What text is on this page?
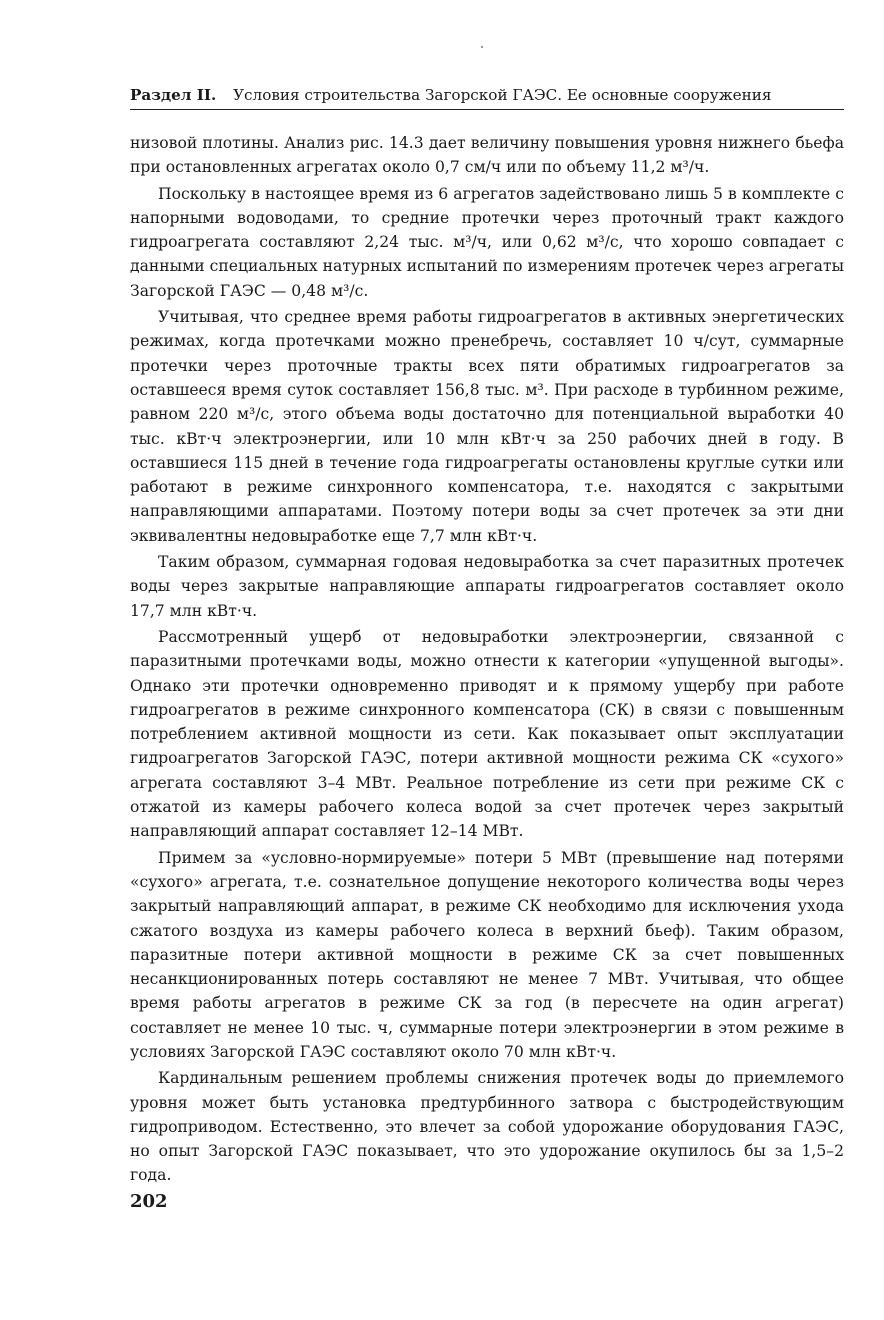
Раздел II. Условия строительства Загорской ГАЭС. Ее основные сооружения

низовой плотины. Анализ рис. 14.3 дает величину повышения уровня нижнего бьефа при остановленных агрегатах около 0,7 см/ч или по объему 11,2 м³/ч.

Поскольку в настоящее время из 6 агрегатов задействовано лишь 5 в комплекте с напорными водоводами, то средние протечки через проточный тракт каждого гидроагрегата составляют 2,24 тыс. м³/ч, или 0,62 м³/с, что хорошо совпадает с данными специальных натурных испытаний по измерениям протечек через агрегаты Загорской ГАЭС — 0,48 м³/с.

Учитывая, что среднее время работы гидроагрегатов в активных энергетических режимах, когда протечками можно пренебречь, составляет 10 ч/сут, суммарные протечки через проточные тракты всех пяти обратимых гидроагрегатов за оставшееся время суток составляет 156,8 тыс. м³. При расходе в турбинном режиме, равном 220 м³/с, этого объема воды достаточно для потенциальной выработки 40 тыс. кВт·ч электроэнергии, или 10 млн кВт·ч за 250 рабочих дней в году. В оставшиеся 115 дней в течение года гидроагрегаты остановлены круглые сутки или работают в режиме синхронного компенсатора, т.е. находятся с закрытыми направляющими аппаратами. Поэтому потери воды за счет протечек за эти дни эквивалентны недовыработке еще 7,7 млн кВт·ч.

Таким образом, суммарная годовая недовыработка за счет паразитных протечек воды через закрытые направляющие аппараты гидроагрегатов составляет около 17,7 млн кВт·ч.

Рассмотренный ущерб от недовыработки электроэнергии, связанной с паразитными протечками воды, можно отнести к категории «упущенной выгоды». Однако эти протечки одновременно приводят и к прямому ущербу при работе гидроагрегатов в режиме синхронного компенсатора (СК) в связи с повышенным потреблением активной мощности из сети. Как показывает опыт эксплуатации гидроагрегатов Загорской ГАЭС, потери активной мощности режима СК «сухого» агрегата составляют 3–4 МВт. Реальное потребление из сети при режиме СК с отжатой из камеры рабочего колеса водой за счет протечек через закрытый направляющий аппарат составляет 12–14 МВт.

Примем за «условно-нормируемые» потери 5 МВт (превышение над потерями «сухого» агрегата, т.е. сознательное допущение некоторого количества воды через закрытый направляющий аппарат, в режиме СК необходимо для исключения ухода сжатого воздуха из камеры рабочего колеса в верхний бьеф). Таким образом, паразитные потери активной мощности в режиме СК за счет повышенных несанкционированных потерь составляют не менее 7 МВт. Учитывая, что общее время работы агрегатов в режиме СК за год (в пересчете на один агрегат) составляет не менее 10 тыс. ч, суммарные потери электроэнергии в этом режиме в условиях Загорской ГАЭС составляют около 70 млн кВт·ч.

Кардинальным решением проблемы снижения протечек воды до приемлемого уровня может быть установка предтурбинного затвора с быстродействующим гидроприводом. Естественно, это влечет за собой удорожание оборудования ГАЭС, но опыт Загорской ГАЭС показывает, что это удорожание окупилось бы за 1,5–2 года.

202
